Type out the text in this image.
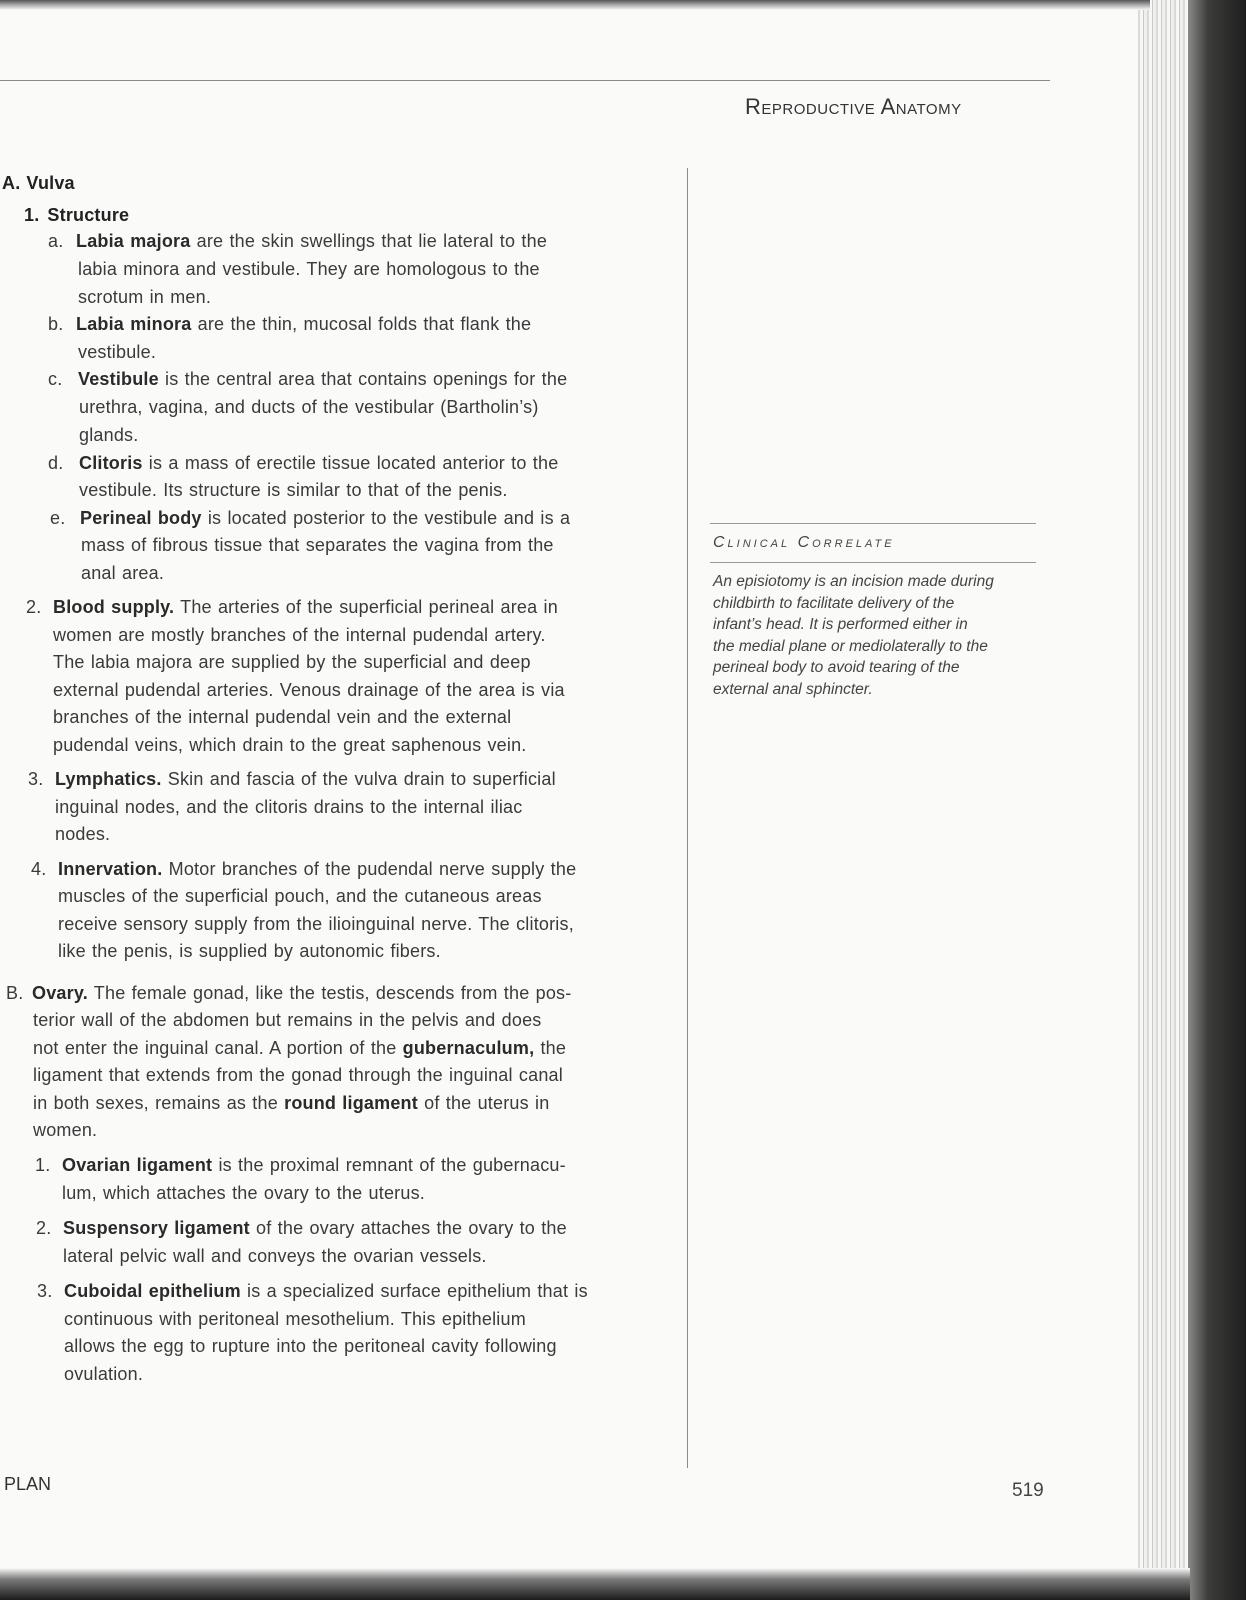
Reproductive Anatomy
A. Vulva
1. Structure
a. Labia majora are the skin swellings that lie lateral to the
labia minora and vestibule. They are homologous to the
scrotum in men.
b. Labia minora are the thin, mucosal folds that flank the
vestibule.
c. Vestibule is the central area that contains openings for the
urethra, vagina, and ducts of the vestibular (Bartholin’s)
glands.
d. Clitoris is a mass of erectile tissue located anterior to the
vestibule. Its structure is similar to that of the penis.
e. Perineal body is located posterior to the vestibule and is a
mass of fibrous tissue that separates the vagina from the
anal area.
2. Blood supply. The arteries of the superficial perineal area in
women are mostly branches of the internal pudendal artery.
The labia majora are supplied by the superficial and deep
external pudendal arteries. Venous drainage of the area is via
branches of the internal pudendal vein and the external
pudendal veins, which drain to the great saphenous vein.
3. Lymphatics. Skin and fascia of the vulva drain to superficial
inguinal nodes, and the clitoris drains to the internal iliac
nodes.
4. Innervation. Motor branches of the pudendal nerve supply the
muscles of the superficial pouch, and the cutaneous areas
receive sensory supply from the ilioinguinal nerve. The clitoris,
like the penis, is supplied by autonomic fibers.
B. Ovary. The female gonad, like the testis, descends from the pos-
terior wall of the abdomen but remains in the pelvis and does
not enter the inguinal canal. A portion of the gubernaculum, the
ligament that extends from the gonad through the inguinal canal
in both sexes, remains as the round ligament of the uterus in
women.
1. Ovarian ligament is the proximal remnant of the gubernacu-
lum, which attaches the ovary to the uterus.
2. Suspensory ligament of the ovary attaches the ovary to the
lateral pelvic wall and conveys the ovarian vessels.
3. Cuboidal epithelium is a specialized surface epithelium that is
continuous with peritoneal mesothelium. This epithelium
allows the egg to rupture into the peritoneal cavity following
ovulation.
Clinical Correlate
An episiotomy is an incision made during
childbirth to facilitate delivery of the
infant’s head. It is performed either in
the medial plane or mediolaterally to the
perineal body to avoid tearing of the
external anal sphincter.
PLAN	519
